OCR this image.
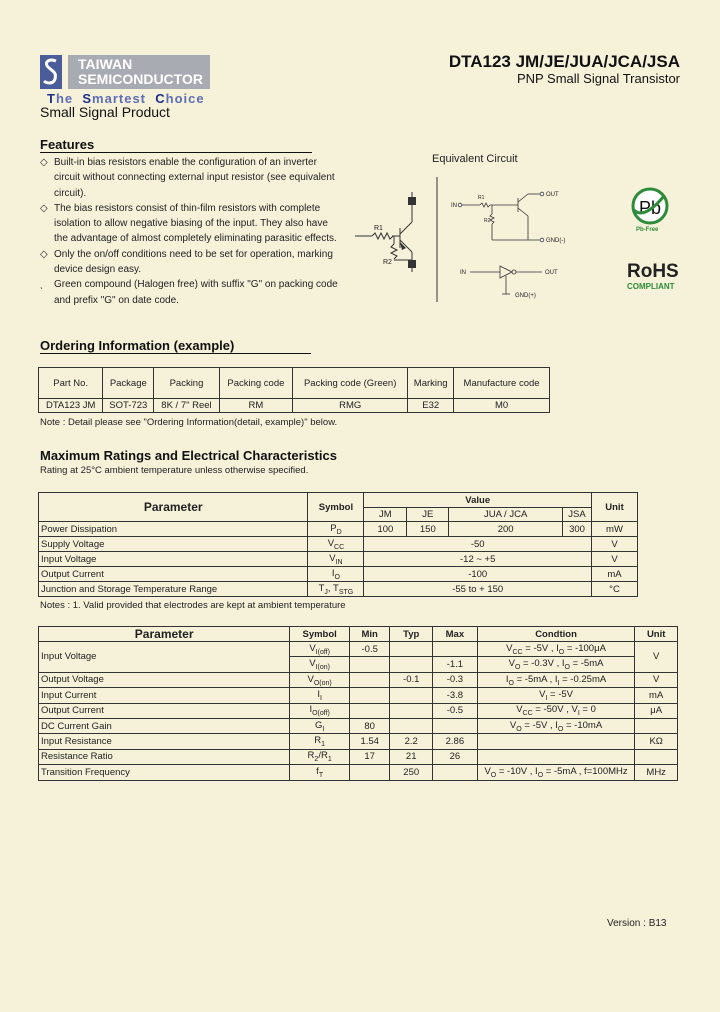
TAIWAN
SEMICONDUCTOR
The Smartest Choice
Small Signal Product
DTA123 JM/JE/JUA/JCA/JSA
PNP Small Signal Transistor
Features
◇ Built-in bias resistors enable the configuration of an inverter circuit without connecting external input resistor (see equivalent circuit).
◇ The bias resistors consist of thin-film resistors with complete isolation to allow negative biasing of the input. They also have the advantage of almost completely eliminating parasitic effects.
◇ Only the on/off conditions need to be set for operation, marking device design easy.
ˎ Green compound (Halogen free) with suffix "G" on packing code and prefix "G" on date code.
Equivalent Circuit
R1
R2
IN
R1
R2
OUT
GND(-)
IN	OUT
GND(+)
Pb
Pb-Free
RoHS
COMPLIANT
Ordering Information (example)
Part No.	Package	Packing	Packing code	Packing code (Green)	Marking	Manufacture code
DTA123 JM	SOT-723	8K / 7" Reel	RM	RMG	E32	M0
Note : Detail please see "Ordering Information(detail, example)" below.
Maximum Ratings and Electrical Characteristics
Rating at 25°C ambient temperature unless otherwise specified.
Parameter	Symbol	Value				Unit
		JM	JE	JUA / JCA	JSA	
Power Dissipation	$P_D$	100	150	200	300	mW
Supply Voltage	$V_{CC}$	-50				V
Input Voltage	$V_{IN}$	-12 ~ +5				V
Output Current	$I_O$	-100				mA
Junction and Storage Temperature Range	$T_J$, $T_{STG}$	-55 to + 150				°C
Notes : 1. Valid provided that electrodes are kept at ambient temperature
Parameter	Symbol	Min	Typ	Max	Condtion	Unit
Input Voltage	$V_{I(off)}$	-0.5			$V_{CC} = -5V$ , $I_O = -100\mu A$	V
	$V_{I(on)}$			-1.1	$V_O = -0.3V$ , $I_O = -5mA$	
Output Voltage	$V_{O(on)}$		-0.1	-0.3	$I_O = -5mA$ , $I_I = -0.25mA$	V
Input Current	$I_I$			-3.8	$V_I = -5V$	mA
Output Current	$I_{O(off)}$			-0.5	$V_{CC} = -50V$ , $V_I = 0$	μA
DC Current Gain	$G_I$	80			$V_O = -5V$ , $I_O = -10mA$	
Input Resistance	$R_1$	1.54	2.2	2.86		KΩ
Resistance Ratio	$R_2/R_1$	17	21	26		
Transition Frequency	$f_T$		250		$V_O = -10V$ , $I_O = -5mA$ , f=100MHz	MHz
Version : B13
